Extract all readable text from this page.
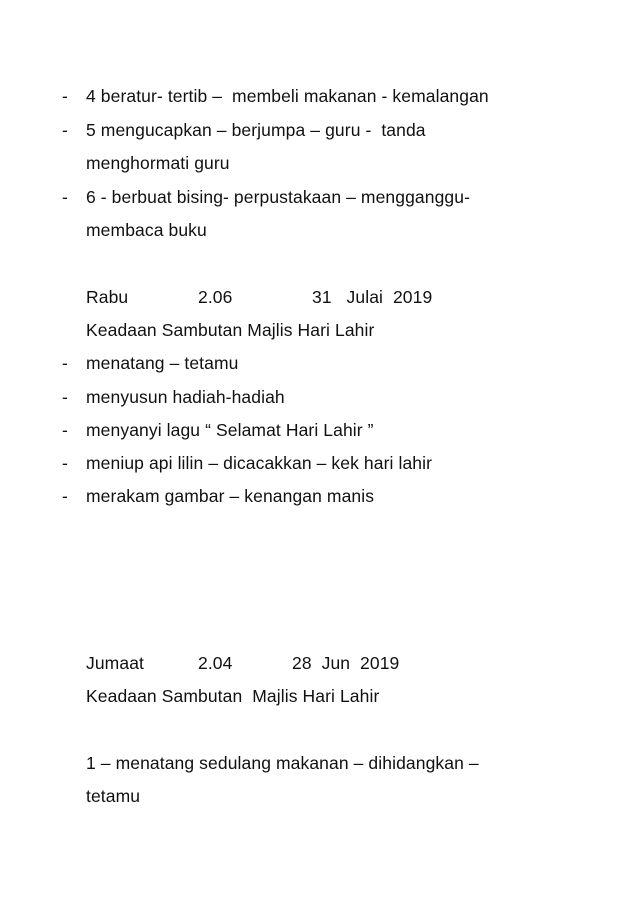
- 4 beratur- tertib –  membeli makanan - kemalangan
- 5 mengucapkan – berjumpa – guru -  tanda
menghormati guru
- 6 - berbuat bising- perpustakaan – mengganggu-
membaca buku
Rabu	2.06	31   Julai  2019
Keadaan Sambutan Majlis Hari Lahir
- menatang – tetamu
- menyusun hadiah-hadiah
- menyanyi lagu “ Selamat Hari Lahir ”
- meniup api lilin – dicacakkan – kek hari lahir
- merakam gambar – kenangan manis
Jumaat	2.04	28  Jun  2019
Keadaan Sambutan  Majlis Hari Lahir
1 – menatang sedulang makanan – dihidangkan –
tetamu
